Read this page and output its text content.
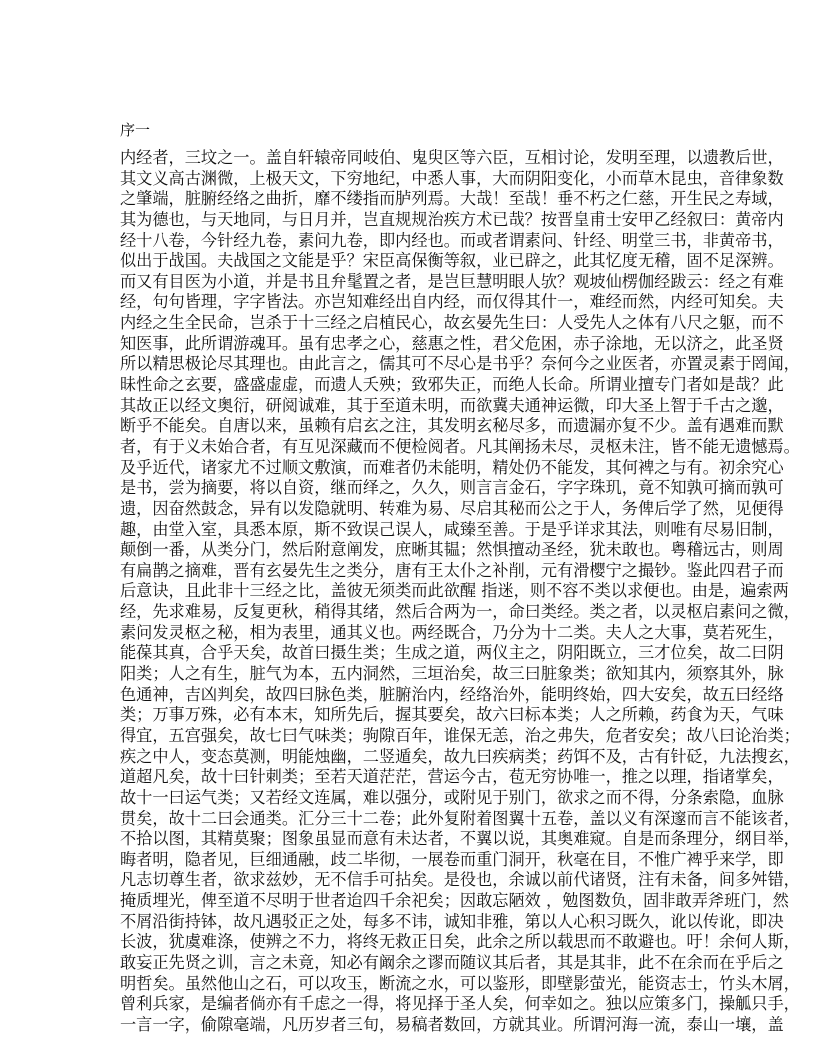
序一
内经者，三坟之一。盖自轩辕帝同岐伯、鬼臾区等六臣，互相讨论，发明至理，以遗教后世，
其文义高古渊微，上极天文，下穷地纪，中悉人事，大而阴阳变化，小而草木昆虫，音律象数
之肇端，脏腑经络之曲折，靡不缕指而胪列焉。大哉！至哉！垂不朽之仁慈，开生民之寿域，
其为德也，与天地同，与日月并，岂直规规治疾方术已哉？按晋皇甫士安甲乙经叙曰：黄帝内
经十八卷，今针经九卷，素问九卷，即内经也。而或者谓素问、针经、明堂三书，非黄帝书，
似出于战国。夫战国之文能是乎？宋臣高保衡等叙，业已辟之，此其忆度无稽，固不足深辨。
而又有目医为小道，并是书且弁髦置之者，是岂巨慧明眼人欤？观坡仙楞伽经跋云：经之有难
经，句句皆理，字字皆法。亦岂知难经出自内经，而仅得其什一，难经而然，内经可知矣。夫
内经之生全民命，岂杀于十三经之启植民心，故玄晏先生曰：人受先人之体有八尺之躯，而不
知医事，此所谓游魂耳。虽有忠孝之心，慈惠之性，君父危困，赤子涂地，无以济之，此圣贤
所以精思极论尽其理也。由此言之，儒其可不尽心是书乎？奈何今之业医者，亦置灵素于罔闻，
昧性命之玄要，盛盛虚虚，而遗人夭殃；致邪失正，而绝人长命。所谓业擅专门者如是哉？此
其故正以经文奥衍，研阅诚难，其于至道未明，而欲冀夫通神运微，印大圣上智于千古之邈，
断乎不能矣。自唐以来，虽赖有启玄之注，其发明玄秘尽多，而遗漏亦复不少。盖有遇难而默
者，有于义未始合者，有互见深藏而不便检阅者。凡其阐扬未尽，灵枢未注，皆不能无遗憾焉。
及乎近代，诸家尤不过顺文敷演，而难者仍未能明，精处仍不能发，其何裨之与有。初余究心
是书，尝为摘要，将以自资，继而绎之，久久，则言言金石，字字珠玑，竟不知孰可摘而孰可
遗，因奋然鼓念，异有以发隐就明、转难为易、尽启其秘而公之于人，务俾后学了然，见便得
趣，由堂入室，具悉本原，斯不致误己误人，咸臻至善。于是乎详求其法，则唯有尽易旧制，
颠倒一番，从类分门，然后附意阐发，庶晰其韫；然惧擅动圣经，犹未敢也。粤稽远古，则周
有扁鹊之摘难，晋有玄晏先生之类分，唐有王太仆之补削，元有滑樱宁之撮钞。鉴此四君子而
后意诀，且此非十三经之比，盖彼无须类而此欲醒 指迷，则不容不类以求便也。由是，遍索两
经，先求难易，反复更秋，稍得其绪，然后合两为一，命曰类经。类之者，以灵枢启素问之微，
素问发灵枢之秘，相为表里，通其义也。两经既合，乃分为十二类。夫人之大事，莫若死生，
能葆其真，合乎天矣，故首曰摄生类；生成之道，两仪主之，阴阳既立，三才位矣，故二曰阴
阳类；人之有生，脏气为本，五内洞然，三垣治矣，故三曰脏象类；欲知其内，须察其外，脉
色通神，吉凶判矣，故四曰脉色类，脏腑治内，经络治外，能明终始，四大安矣，故五曰经络
类；万事万殊，必有本末，知所先后，握其要矣，故六曰标本类；人之所赖，药食为天，气味
得宜，五宫强矣，故七曰气味类；驹隙百年，谁保无恙，治之弗失，危者安矣；故八曰论治类；
疾之中人，变态莫测，明能烛幽，二竖遁矣，故九曰疾病类；药饵不及，古有针砭，九法搜玄，
道超凡矣，故十曰针刺类；至若天道茫茫，营运今古，苞无穷协唯一，推之以理，指诸掌矣，
故十一曰运气类；又若经文连属，难以强分，或附见于别门，欲求之而不得，分条索隐，血脉
贯矣，故十二曰会通类。汇分三十二卷；此外复附着图翼十五卷，盖以义有深邃而言不能该者，
不拾以图，其精莫聚；图象虽显而意有未达者，不翼以说，其奥难窥。自是而条理分，纲目举，
晦者明，隐者见，巨细通融，歧二毕彻，一展卷而重门洞开，秋毫在目，不惟广裨乎来学，即
凡志切尊生者，欲求兹妙，无不信手可拈矣。是役也，余诚以前代诸贤，注有未备，间多舛错，
掩质埋光，俾至道不尽明于世者迨四千余祀矣；因敢忘陋效 ，勉图数负，固非敢弄斧班门，然
不屑沿街持钵，故凡遇驳正之处，每多不讳，诚知非雅，第以人心积习既久，讹以传讹，即决
长波，犹虞难涤，使辨之不力，将终无救正日矣，此余之所以载思而不敢避也。吁！余何人斯，
敢妄正先贤之训，言之未竟，知必有阚余之谬而随议其后者，其是其非，此不在余而在乎后之
明哲矣。虽然他山之石，可以攻玉，断流之水，可以鉴形，即壁影萤光，能资志士，竹头木屑，
曾利兵家，是编者倘亦有千虑之一得，将见择于圣人矣，何幸如之。独以应策多门，操觚只手，
一言一字，偷隙毫端，凡历岁者三旬，易稿者数回，方就其业。所谓河海一流，泰山一壤，盖
